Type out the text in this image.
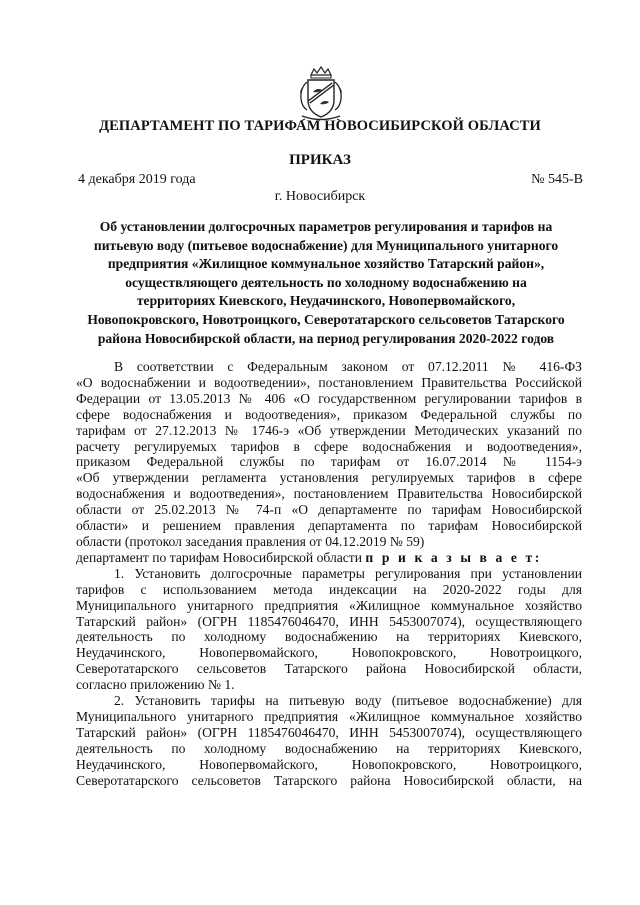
ДЕПАРТАМЕНТ ПО ТАРИФАМ НОВОСИБИРСКОЙ ОБЛАСТИ
ПРИКАЗ
4 декабря 2019 года	№ 545-В
г. Новосибирск
Об установлении долгосрочных параметров регулирования и тарифов на
питьевую воду (питьевое водоснабжение) для Муниципального унитарного
предприятия «Жилищное коммунальное хозяйство Татарский район»,
осуществляющего деятельность по холодному водоснабжению на
территориях Киевского, Неудачинского, Новопервомайского,
Новопокровского, Новотроицкого, Северотатарского сельсоветов Татарского
района Новосибирской области, на период регулирования 2020-2022 годов
В соответствии с Федеральным законом от 07.12.2011 № 416-ФЗ
«О водоснабжении и водоотведении», постановлением Правительства Российской
Федерации от 13.05.2013 № 406 «О государственном регулировании тарифов в
сфере водоснабжения и водоотведения», приказом Федеральной службы по
тарифам от 27.12.2013 № 1746-э «Об утверждении Методических указаний по
расчету регулируемых тарифов в сфере водоснабжения и водоотведения»,
приказом Федеральной службы по тарифам от 16.07.2014 № 1154-э
«Об утверждении регламента установления регулируемых тарифов в сфере
водоснабжения и водоотведения», постановлением Правительства Новосибирской
области от 25.02.2013 № 74-п «О департаменте по тарифам Новосибирской
области» и решением правления департамента по тарифам Новосибирской
области (протокол заседания правления от 04.12.2019 № 59)
департамент по тарифам Новосибирской области п р и к а з ы в а е т:
1. Установить долгосрочные параметры регулирования при установлении
тарифов с использованием метода индексации на 2020-2022 годы для
Муниципального унитарного предприятия «Жилищное коммунальное хозяйство
Татарский район» (ОГРН 1185476046470, ИНН 5453007074), осуществляющего
деятельность по холодному водоснабжению на территориях Киевского,
Неудачинского, Новопервомайского, Новопокровского, Новотроицкого,
Северотатарского сельсоветов Татарского района Новосибирской области,
согласно приложению № 1.
2. Установить тарифы на питьевую воду (питьевое водоснабжение) для
Муниципального унитарного предприятия «Жилищное коммунальное хозяйство
Татарский район» (ОГРН 1185476046470, ИНН 5453007074), осуществляющего
деятельность по холодному водоснабжению на территориях Киевского,
Неудачинского, Новопервомайского, Новопокровского, Новотроицкого,
Северотатарского сельсоветов Татарского района Новосибирской области, на
